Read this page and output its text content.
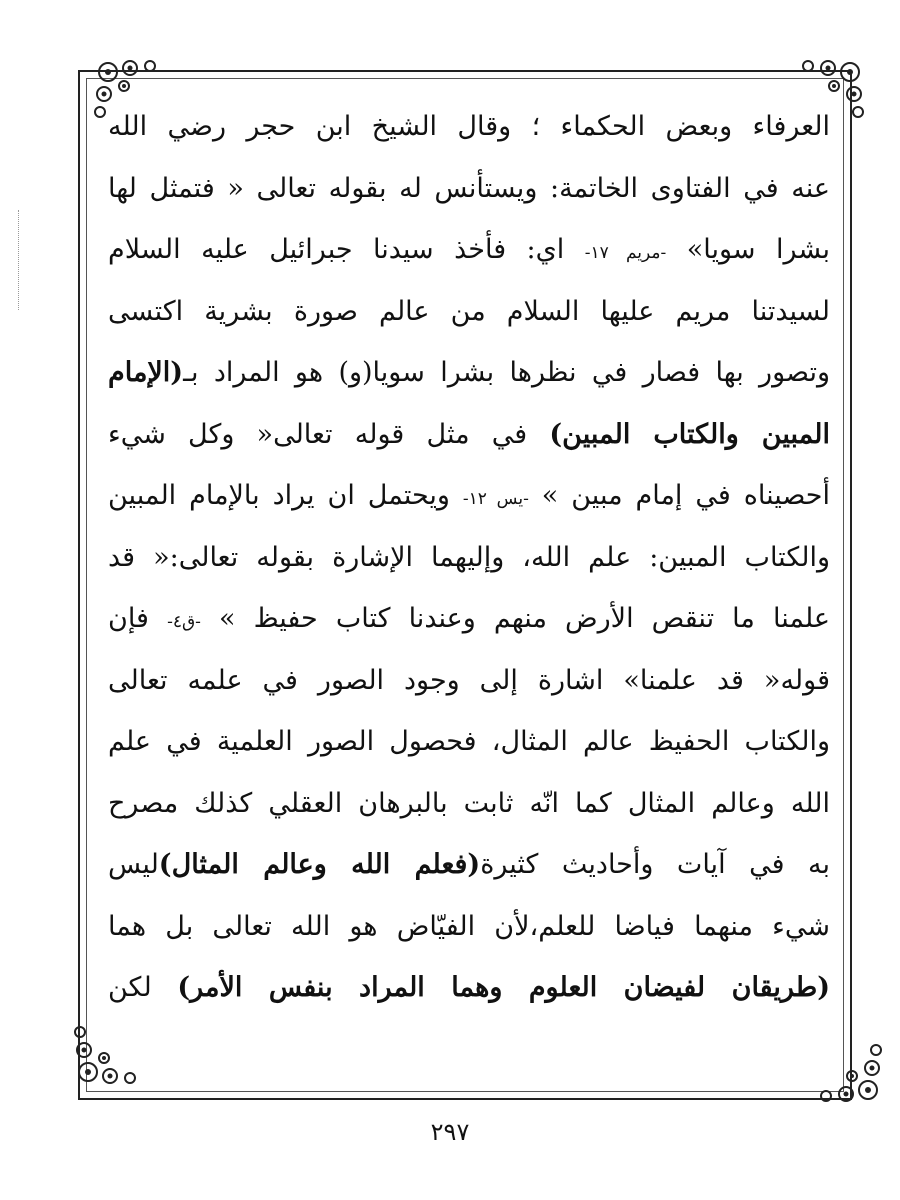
العرفاء وبعض الحكماء ؛ وقال الشيخ ابن حجر رضي الله
عنه في الفتاوى الخاتمة: ويستأنس له بقوله تعالى « فتمثل لها
بشرا سويا» -مريم ١٧- اي: فأخذ سيدنا جبرائيل عليه السلام
لسيدتنا مريم عليها السلام من عالم صورة بشرية اكتسى
وتصور بها فصار في نظرها بشرا سويا(و) هو المراد بـ(الإمام
المبين والكتاب المبين) في مثل قوله تعالى« وكل شيء
أحصيناه في إمام مبين » -يس ١٢- ويحتمل ان يراد بالإمام المبين
والكتاب المبين: علم الله، وإليهما الإشارة بقوله تعالى:« قد
علمنا ما تنقص الأرض منهم وعندنا كتاب حفيظ » -ق٤- فإن
قوله« قد علمنا» اشارة إلى وجود الصور في علمه تعالى
والكتاب الحفيظ عالم المثال، فحصول الصور العلمية في علم
الله وعالم المثال كما انّه ثابت بالبرهان العقلي كذلك مصرح
به في آيات وأحاديث كثيرة(فعلم الله وعالم المثال)ليس
شيء منهما فياضا للعلم،لأن الفيّاض هو الله تعالى بل هما
(طريقان لفيضان العلوم وهما المراد بنفس الأمر) لكن
٢٩٧
